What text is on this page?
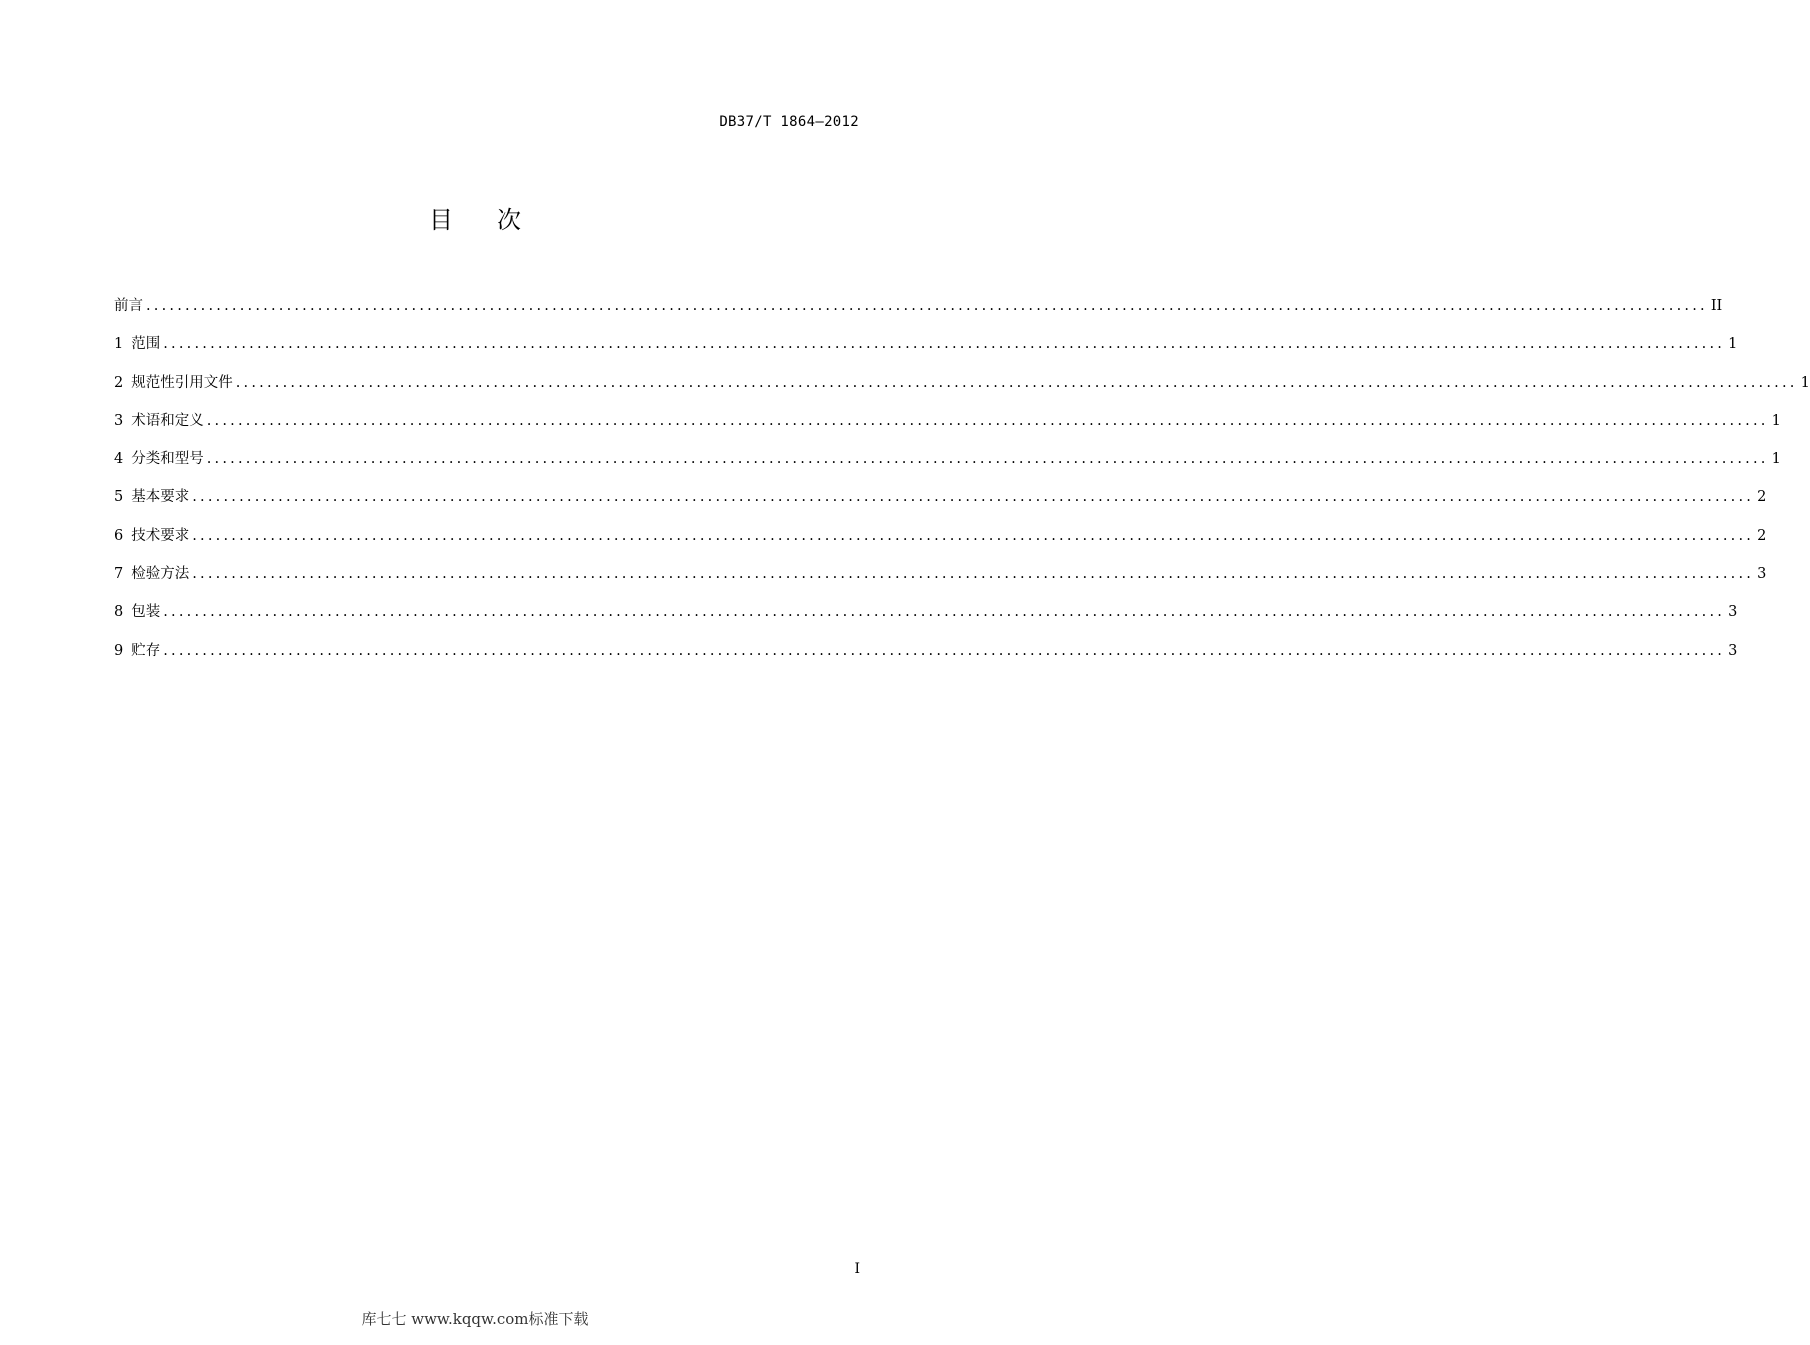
DB37/T 1864—2012
目 次
前言 ........................................................................................................................................................................................................ II
1 范围 ........................................................................................................................................................................................................ 1
2 规范性引用文件 ........................................................................................................................................................................................................ 1
3 术语和定义 ........................................................................................................................................................................................................ 1
4 分类和型号 ........................................................................................................................................................................................................ 1
5 基本要求 ........................................................................................................................................................................................................ 2
6 技术要求 ........................................................................................................................................................................................................ 2
7 检验方法 ........................................................................................................................................................................................................ 3
8 包装 ........................................................................................................................................................................................................ 3
9 贮存 ........................................................................................................................................................................................................ 3
I
库七七 www.kqqw.com标准下载
